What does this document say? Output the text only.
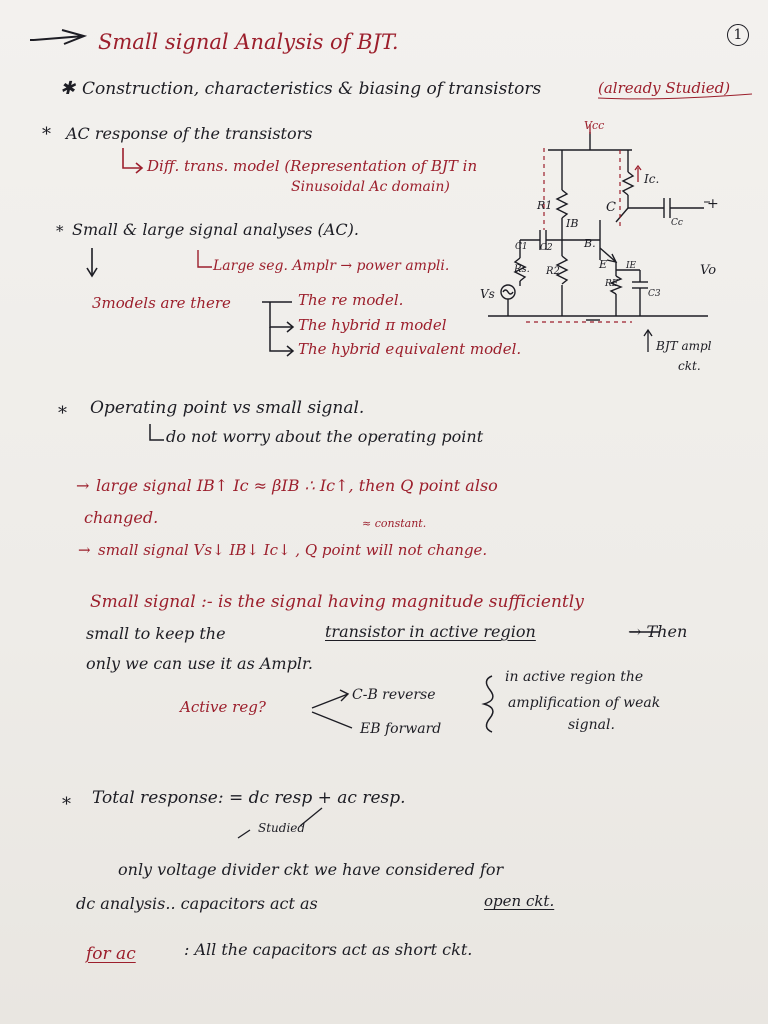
1
Small signal Analysis of BJT.
✱ Construction, characteristics & biasing of transistors	(already Studied)
* AC response of the transistors
Diff. trans. model (Representation of BJT in
Sinusoidal Ac domain)
* Small & large signal analyses (AC).
Large seg. Amplr → power ampli.
3models are there	The re model.
The hybrid π model
The hybrid equivalent model.
Vcc
R1
IB
C
Ic.
Cc
C2
+
B.
E IE
C1
Rs. R2
RE
C3
Vs
Vo
BJT ampl
ckt.
* Operating point vs small signal.
do not worry about the operating point
→ large signal IB↑ Ic ≈ βIB ∴ Ic↑, then Q point also
changed.	≈ constant.
→ small signal Vs↓ IB↓ Ic↓ , Q point will not change.
Small signal :- is the signal having magnitude sufficiently
small to keep the	transistor in active region	→ Then
only we can use it as Amplr.
Active reg?
C-B reverse
EB forward
in active region the
amplification of weak
signal.
* Total response: = dc resp + ac resp.
Studied
only voltage divider ckt we have considered for
dc analysis.. capacitors act as	open ckt.
for ac	: All the capacitors act as short ckt.
